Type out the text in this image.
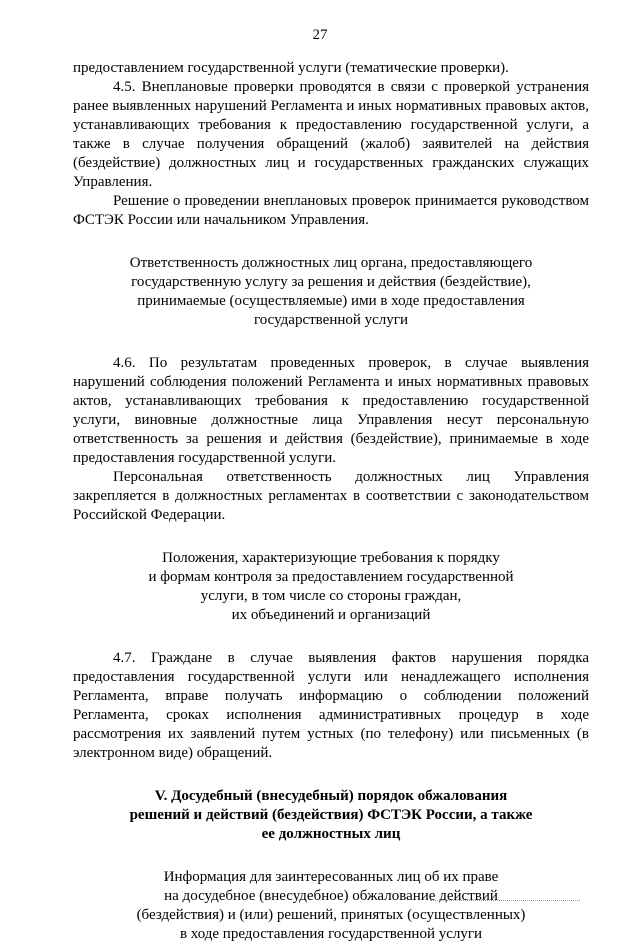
27

предоставлением государственной услуги (тематические проверки).

4.5. Внеплановые проверки проводятся в связи с проверкой устранения ранее выявленных нарушений Регламента и иных нормативных правовых актов, устанавливающих требования к предоставлению государственной услуги, а также в случае получения обращений (жалоб) заявителей на действия (бездействие) должностных лиц и государственных гражданских служащих Управления.

Решение о проведении внеплановых проверок принимается руководством ФСТЭК России или начальником Управления.

Ответственность должностных лиц органа, предоставляющего
государственную услугу за решения и действия (бездействие),
принимаемые (осуществляемые) ими в ходе предоставления
государственной услуги

4.6. По результатам проведенных проверок, в случае выявления нарушений соблюдения положений Регламента и иных нормативных правовых актов, устанавливающих требования к предоставлению государственной услуги, виновные должностные лица Управления несут персональную ответственность за решения и действия (бездействие), принимаемые в ходе предоставления государственной услуги.

Персональная ответственность должностных лиц Управления закрепляется в должностных регламентах в соответствии с законодательством Российской Федерации.

Положения, характеризующие требования к порядку
и формам контроля за предоставлением государственной
услуги, в том числе со стороны граждан,
их объединений и организаций

4.7. Граждане в случае выявления фактов нарушения порядка предоставления государственной услуги или ненадлежащего исполнения Регламента, вправе получать информацию о соблюдении положений Регламента, сроках исполнения административных процедур в ходе рассмотрения их заявлений путем устных (по телефону) или письменных (в электронном виде) обращений.

V. Досудебный (внесудебный) порядок обжалования
решений и действий (бездействия) ФСТЭК России, а также
ее должностных лиц
Информация для заинтересованных лиц об их праве
на досудебное (внесудебное) обжалование действий
(бездействия) и (или) решений, принятых (осуществленных)
в ходе предоставления государственной услуги
